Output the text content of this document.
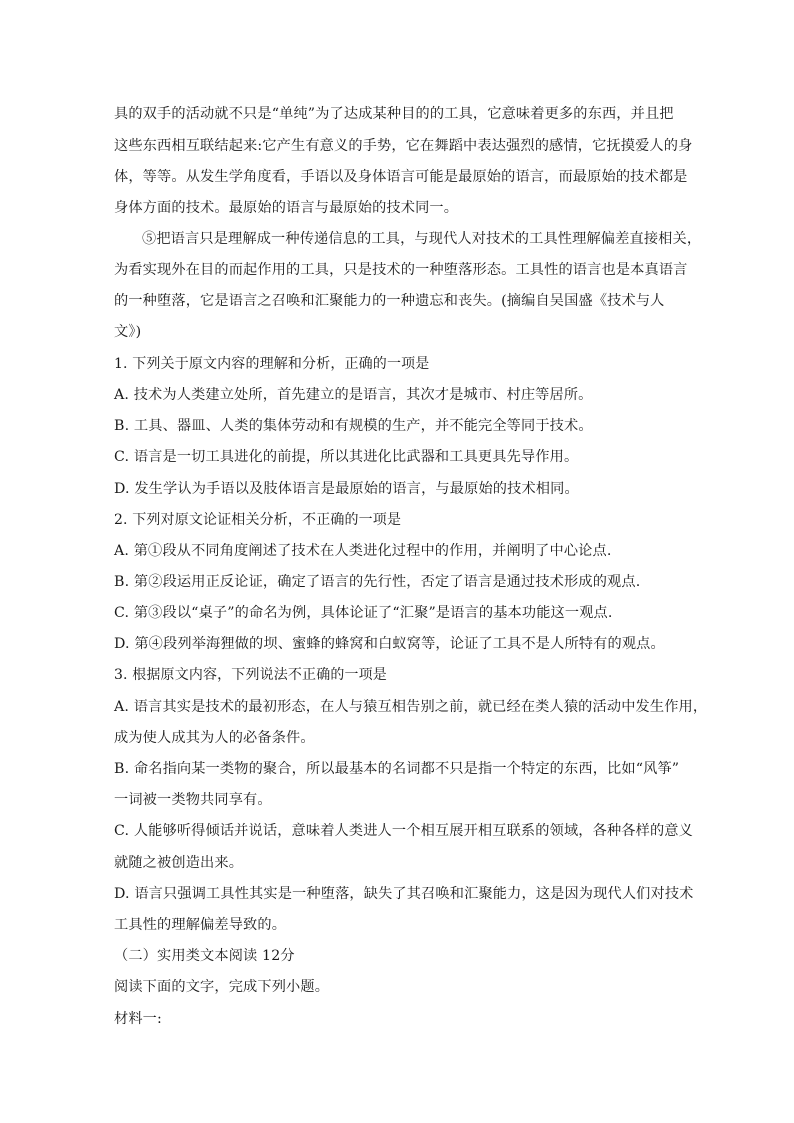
具的双手的活动就不只是“单纯”为了达成某种目的的工具，它意味着更多的东西，并且把
这些东西相互联结起来:它产生有意义的手势，它在舞蹈中表达强烈的感情，它抚摸爱人的身
体，等等。从发生学角度看，手语以及身体语言可能是最原始的语言，而最原始的技术都是
身体方面的技术。最原始的语言与最原始的技术同一。
⑤把语言只是理解成一种传递信息的工具，与现代人对技术的工具性理解偏差直接相关，
为看实现外在目的而起作用的工具，只是技术的一种堕落形态。工具性的语言也是本真语言
的一种堕落，它是语言之召唤和汇聚能力的一种遗忘和丧失。(摘编自吴国盛《技术与人
文》)
1. 下列关于原文内容的理解和分析，正确的一项是
A. 技术为人类建立处所，首先建立的是语言，其次才是城市、村庄等居所。
B. 工具、器皿、人类的集体劳动和有规模的生产，并不能完全等同于技术。
C. 语言是一切工具进化的前提，所以其进化比武器和工具更具先导作用。
D. 发生学认为手语以及肢体语言是最原始的语言，与最原始的技术相同。
2. 下列对原文论证相关分析，不正确的一项是
A. 第①段从不同角度阐述了技术在人类进化过程中的作用，并阐明了中心论点.
B. 第②段运用正反论证，确定了语言的先行性，否定了语言是通过技术形成的观点.
C. 第③段以“桌子”的命名为例，具体论证了“汇聚”是语言的基本功能这一观点.
D. 第④段列举海狸做的坝、蜜蜂的蜂窝和白蚁窝等，论证了工具不是人所特有的观点。
3. 根据原文内容，下列说法不正确的一项是
A. 语言其实是技术的最初形态，在人与猿互相告别之前，就已经在类人猿的活动中发生作用，
成为使人成其为人的必备条件。
B. 命名指向某一类物的聚合，所以最基本的名词都不只是指一个特定的东西，比如“风筝”
一词被一类物共同享有。
C. 人能够听得倾话并说话，意味着人类进人一个相互展开相互联系的领域，各种各样的意义
就随之被创造出来。
D. 语言只强调工具性其实是一种堕落，缺失了其召唤和汇聚能力，这是因为现代人们对技术
工具性的理解偏差导致的。
（二）实用类文本阅读 12分
阅读下面的文字，完成下列小题。
材料一:
